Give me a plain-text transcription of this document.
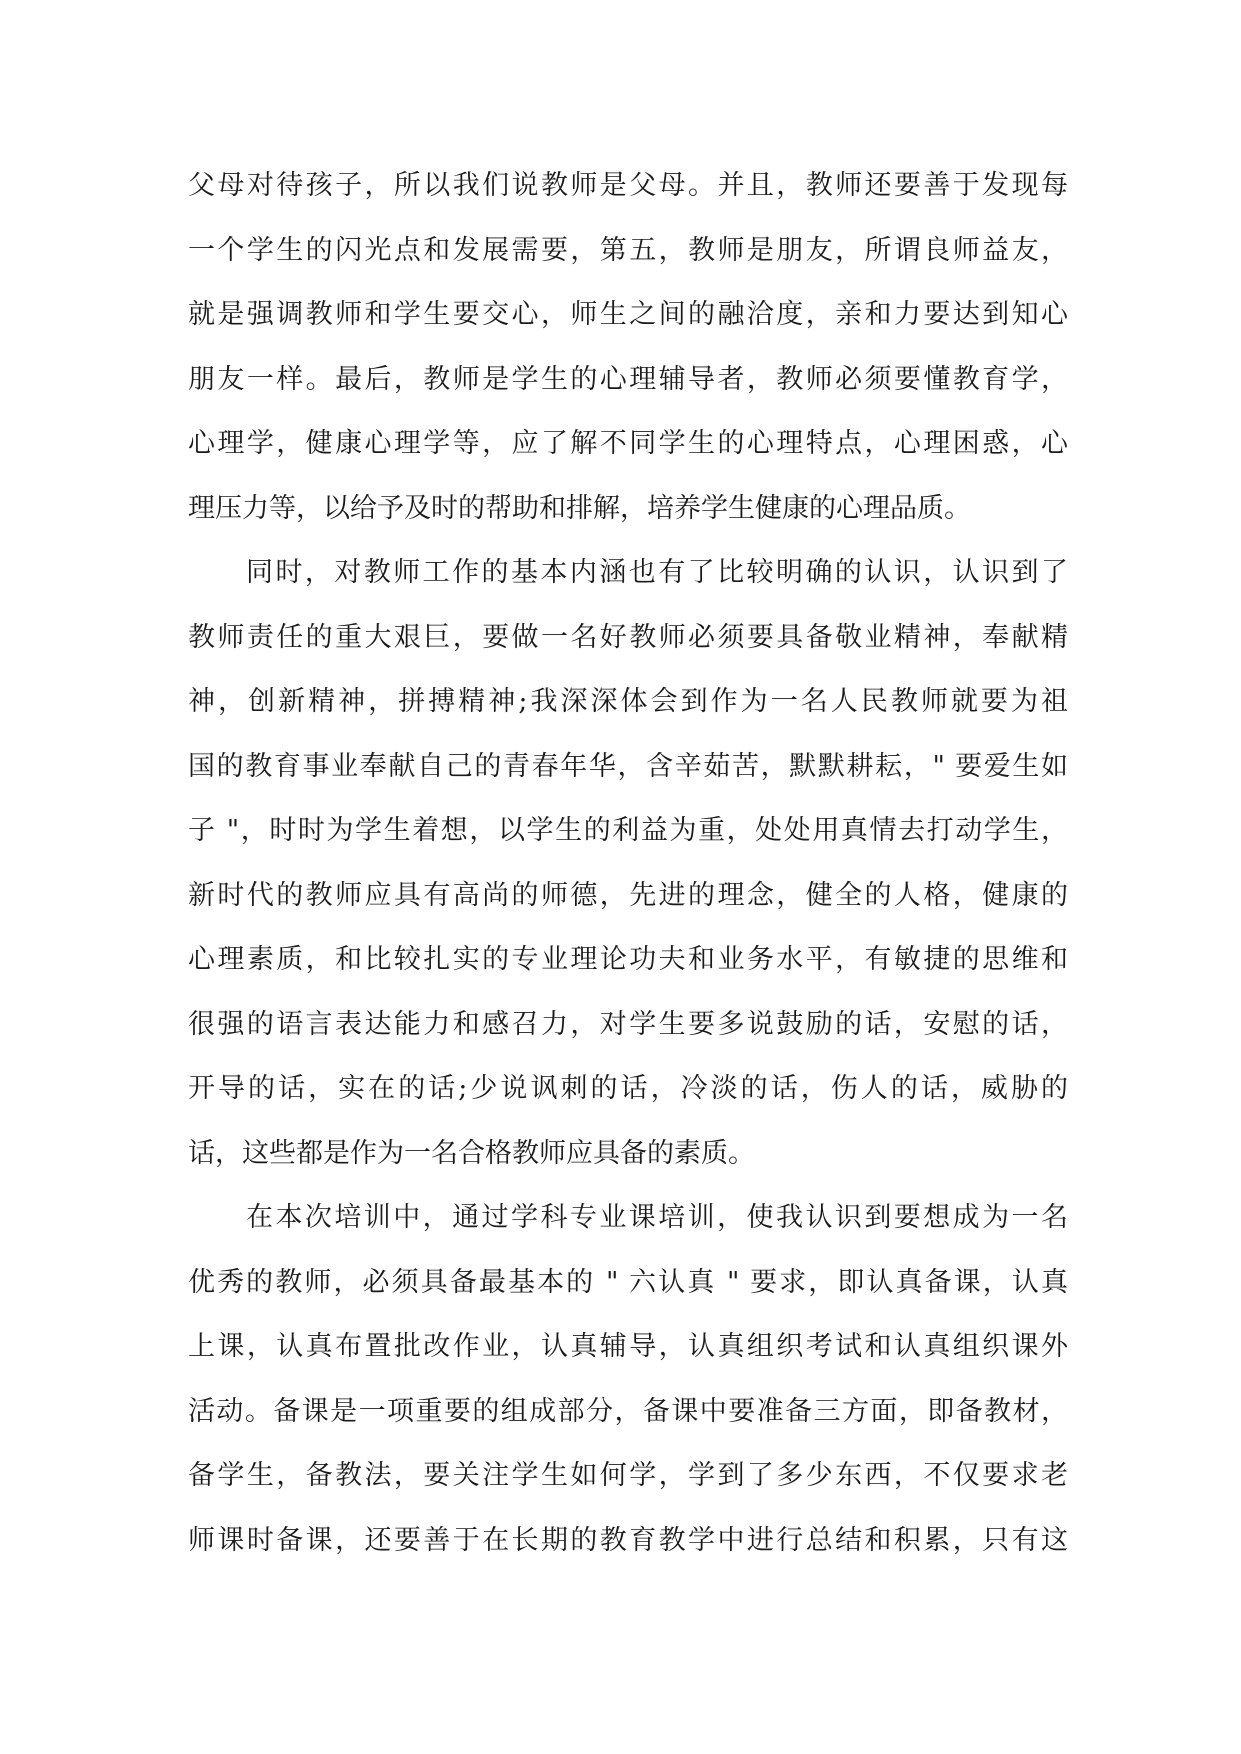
父母对待孩子，所以我们说教师是父母。并且，教师还要善于发现每
一个学生的闪光点和发展需要，第五，教师是朋友，所谓良师益友，
就是强调教师和学生要交心，师生之间的融洽度，亲和力要达到知心
朋友一样。最后，教师是学生的心理辅导者，教师必须要懂教育学，
心理学，健康心理学等，应了解不同学生的心理特点，心理困惑，心
理压力等，以给予及时的帮助和排解，培养学生健康的心理品质。
同时，对教师工作的基本内涵也有了比较明确的认识，认识到了
教师责任的重大艰巨，要做一名好教师必须要具备敬业精神，奉献精
神，创新精神，拼搏精神;我深深体会到作为一名人民教师就要为祖
国的教育事业奉献自己的青春年华，含辛茹苦，默默耕耘，" 要爱生如
子 "，时时为学生着想，以学生的利益为重，处处用真情去打动学生，
新时代的教师应具有高尚的师德，先进的理念，健全的人格，健康的
心理素质，和比较扎实的专业理论功夫和业务水平，有敏捷的思维和
很强的语言表达能力和感召力，对学生要多说鼓励的话，安慰的话，
开导的话，实在的话;少说讽刺的话，冷淡的话，伤人的话，威胁的
话，这些都是作为一名合格教师应具备的素质。
在本次培训中，通过学科专业课培训，使我认识到要想成为一名
优秀的教师，必须具备最基本的 " 六认真 " 要求，即认真备课，认真
上课，认真布置批改作业，认真辅导，认真组织考试和认真组织课外
活动。备课是一项重要的组成部分，备课中要准备三方面，即备教材，
备学生，备教法，要关注学生如何学，学到了多少东西，不仅要求老
师课时备课，还要善于在长期的教育教学中进行总结和积累，只有这
